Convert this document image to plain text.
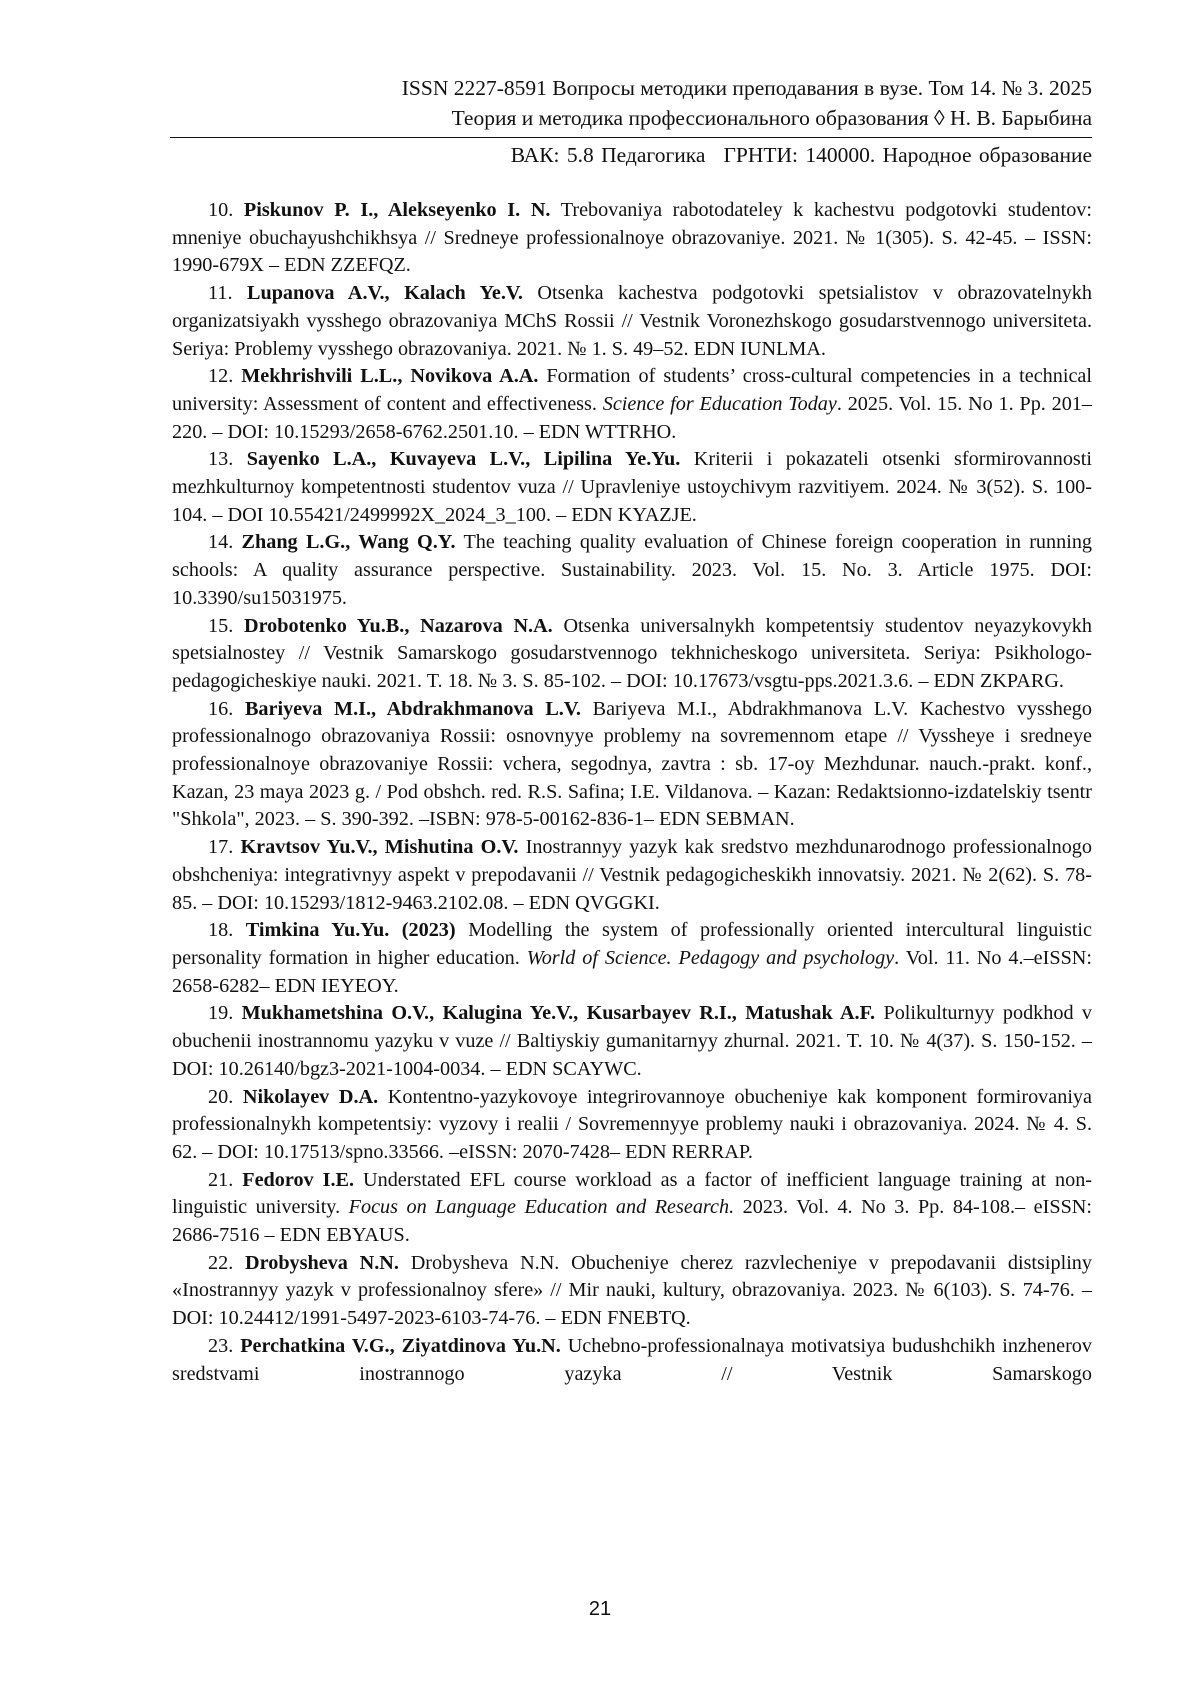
ISSN 2227-8591 Вопросы методики преподавания в вузе. Том 14. № 3. 2025
Теория и методика профессионального образования ◊ Н. В. Барыбина
ВАК: 5.8 Педагогика ГРНТИ: 140000. Народное образование

10. Piskunov P. I., Alekseyenko I. N. Trebovaniya rabotodateley k kachestvu podgotovki studentov: mneniye obuchayushchikhsya // Sredneye professionalnoye obrazovaniye. 2021. № 1(305). S. 42-45. – ISSN: 1990-679X – EDN ZZEFQZ.

11. Lupanova A.V., Kalach Ye.V. Otsenka kachestva podgotovki spetsialistov v obrazovatelnykh organizatsiyakh vysshego obrazovaniya MChS Rossii // Vestnik Voronezhskogo gosudarstvennogo universiteta. Seriya: Problemy vysshego obrazovaniya. 2021. № 1. S. 49–52. EDN IUNLMA.

12. Mekhrishvili L.L., Novikova A.A. Formation of students’ cross-cultural competencies in a technical university: Assessment of content and effectiveness. Science for Education Today. 2025. Vol. 15. No 1. Pp. 201–220. – DOI: 10.15293/2658-6762.2501.10. – EDN WTTRHO.

13. Sayenko L.A., Kuvayeva L.V., Lipilina Ye.Yu. Kriterii i pokazateli otsenki sformirovannosti mezhkulturnoy kompetentnosti studentov vuza // Upravleniye ustoychivym razvitiyem. 2024. № 3(52). S. 100-104. – DOI 10.55421/2499992X_2024_3_100. – EDN KYAZJE.

14. Zhang L.G., Wang Q.Y. The teaching quality evaluation of Chinese foreign cooperation in running schools: A quality assurance perspective. Sustainability. 2023. Vol. 15. No. 3. Article 1975. DOI: 10.3390/su15031975.

15. Drobotenko Yu.B., Nazarova N.A. Otsenka universalnykh kompetentsiy studentov neyazykovykh spetsialnostey // Vestnik Samarskogo gosudarstvennogo tekhnicheskogo universiteta. Seriya: Psikhologo-pedagogicheskiye nauki. 2021. T. 18. № 3. S. 85-102. – DOI: 10.17673/vsgtu-pps.2021.3.6. – EDN ZKPARG.

16. Bariyeva M.I., Abdrakhmanova L.V. Bariyeva M.I., Abdrakhmanova L.V. Kachestvo vysshego professionalnogo obrazovaniya Rossii: osnovnyye problemy na sovremennom etape // Vyssheye i sredneye professionalnoye obrazovaniye Rossii: vchera, segodnya, zavtra : sb. 17-oy Mezhdunar. nauch.-prakt. konf., Kazan, 23 maya 2023 g. / Pod obshch. red. R.S. Safina; I.E. Vildanova. – Kazan: Redaktsionno-izdatelskiy tsentr "Shkola", 2023. – S. 390-392. –ISBN: 978-5-00162-836-1– EDN SEBMAN.

17. Kravtsov Yu.V., Mishutina O.V. Inostrannyy yazyk kak sredstvo mezhdunarodnogo professionalnogo obshcheniya: integrativnyy aspekt v prepodavanii // Vestnik pedagogicheskikh innovatsiy. 2021. № 2(62). S. 78-85. – DOI: 10.15293/1812-9463.2102.08. – EDN QVGGKI.

18. Timkina Yu.Yu. (2023) Modelling the system of professionally oriented intercultural linguistic personality formation in higher education. World of Science. Pedagogy and psychology. Vol. 11. No 4.–eISSN: 2658-6282– EDN IEYEOY.

19. Mukhametshina O.V., Kalugina Ye.V., Kusarbayev R.I., Matushak A.F. Polikulturnyy podkhod v obuchenii inostrannomu yazyku v vuze // Baltiyskiy gumanitarnyy zhurnal. 2021. T. 10. № 4(37). S. 150-152. – DOI: 10.26140/bgz3-2021-1004-0034. – EDN SCAYWC.

20. Nikolayev D.A. Kontentno-yazykovoye integrirovannoye obucheniye kak komponent formirovaniya professionalnykh kompetentsiy: vyzovy i realii / Sovremennyye problemy nauki i obrazovaniya. 2024. № 4. S. 62. – DOI: 10.17513/spno.33566. –eISSN: 2070-7428– EDN RERRAP.

21. Fedorov I.E. Understated EFL course workload as a factor of inefficient language training at non-linguistic university. Focus on Language Education and Research. 2023. Vol. 4. No 3. Pp. 84-108.– eISSN: 2686-7516 – EDN EBYAUS.

22. Drobysheva N.N. Drobysheva N.N. Obucheniye cherez razvlecheniye v prepodavanii distsipliny «Inostrannyy yazyk v professionalnoy sfere» // Mir nauki, kultury, obrazovaniya. 2023. № 6(103). S. 74-76. – DOI: 10.24412/1991-5497-2023-6103-74-76. – EDN FNEBTQ.

23. Perchatkina V.G., Ziyatdinova Yu.N. Uchebno-professionalnaya motivatsiya budushchikh inzhenerov sredstvami inostrannogo yazyka // Vestnik Samarskogo

21
